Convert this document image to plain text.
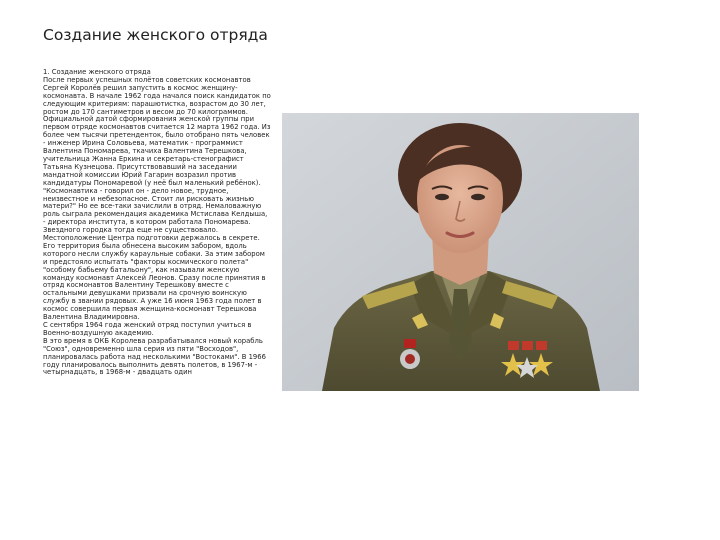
Создание женского отряда

1. Создание женского отряда

После первых успешных полётов советских космонавтов Сергей Королёв решил запустить в космос женщину-космонавта. В начале 1962 года начался поиск кандидаток по следующим критериям: парашютистка, возрастом до 30 лет, ростом до 170 сантиметров и весом до 70 килограммов. Официальной датой сформирования женской группы при первом отряде космонавтов считается 12 марта 1962 года. Из более чем тысячи претенденток, было отобрано пять человек - инженер Ирина Соловьева, математик - программист Валентина Пономарева, ткачиха Валентина Терешкова, учительница Жанна Еркина и секретарь-стенографист Татьяна Кузнецова. Присутствовавший на заседании мандатной комиссии Юрий Гагарин возразил против кандидатуры Пономаревой (у неё был маленький ребёнок). "Космонавтика - говорил он - дело новое, трудное, неизвестное и небезопасное. Стоит ли рисковать жизнью матери?" Но ее все-таки зачислили в отряд. Немаловажную роль сыграла рекомендация академика Мстислава Келдыша, - директора института, в котором работала Пономарева.

Звездного городка тогда еще не существовало. Местоположение Центра подготовки держалось в секрете. Его территория была обнесена высоким забором, вдоль которого несли службу караульные собаки. За этим забором и предстояло испытать "факторы космического полета" "особому бабьему батальону", как называли женскую команду космонавт Алексей Леонов. Сразу после принятия в отряд космонавтов Валентину Терешкову вместе с остальными девушками призвали на срочную воинскую службу в звании рядовых. А уже 16 июня 1963 года полет в космос совершила первая женщина-космонавт Терешкова Валентина Владимировна.

С сентября 1964 года женский отряд поступил учиться в Военно-воздушную академию.

В это время в ОКБ Королева разрабатывался новый корабль "Союз", одновременно шла серия из пяти "Восходов", планировалась работа над несколькими "Востоками". В 1966 году планировалось выполнить девять полетов, в 1967-м - четырнадцать, в 1968-м - двадцать один
